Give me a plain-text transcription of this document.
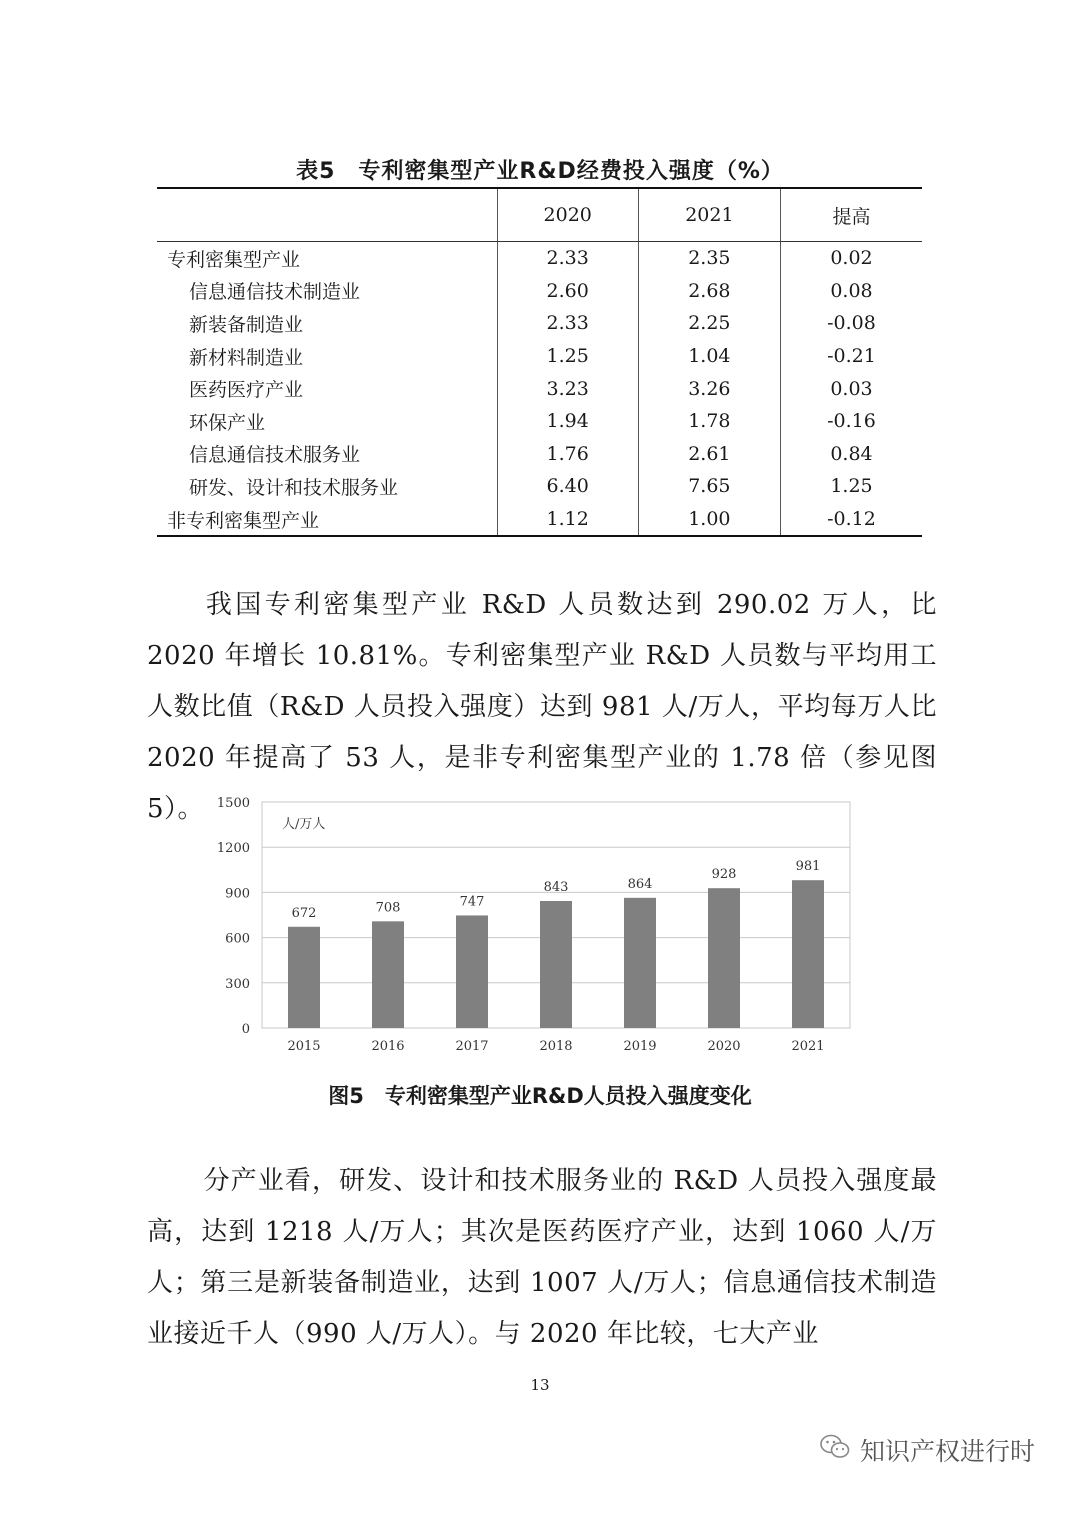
表5　专利密集型产业R&D经费投入强度（%）
	2020	2021	提高
专利密集型产业	2.33	2.35	0.02
信息通信技术制造业	2.60	2.68	0.08
新装备制造业	2.33	2.25	-0.08
新材料制造业	1.25	1.04	-0.21
医药医疗产业	3.23	3.26	0.03
环保产业	1.94	1.78	-0.16
信息通信技术服务业	1.76	2.61	0.84
研发、设计和技术服务业	6.40	7.65	1.25
非专利密集型产业	1.12	1.00	-0.12
我国专利密集型产业 R&D 人员数达到 290.02 万人，比 2020 年增长 10.81%。专利密集型产业 R&D 人员数与平均用工人数比值（R&D 人员投入强度）达到 981 人/万人，平均每万人比 2020 年提高了 53 人，是非专利密集型产业的 1.78 倍（参见图 5）。
0
300
600
900
1200
1500
人/万人
672
2015
708
2016
747
2017
843
2018
864
2019
928
2020
981
2021
图5　专利密集型产业R&D人员投入强度变化
分产业看，研发、设计和技术服务业的 R&D 人员投入强度最高，达到 1218 人/万人；其次是医药医疗产业，达到 1060 人/万人；第三是新装备制造业，达到 1007 人/万人；信息通信技术制造业接近千人（990 人/万人）。与 2020 年比较，七大产业
13
知识产权进行时
